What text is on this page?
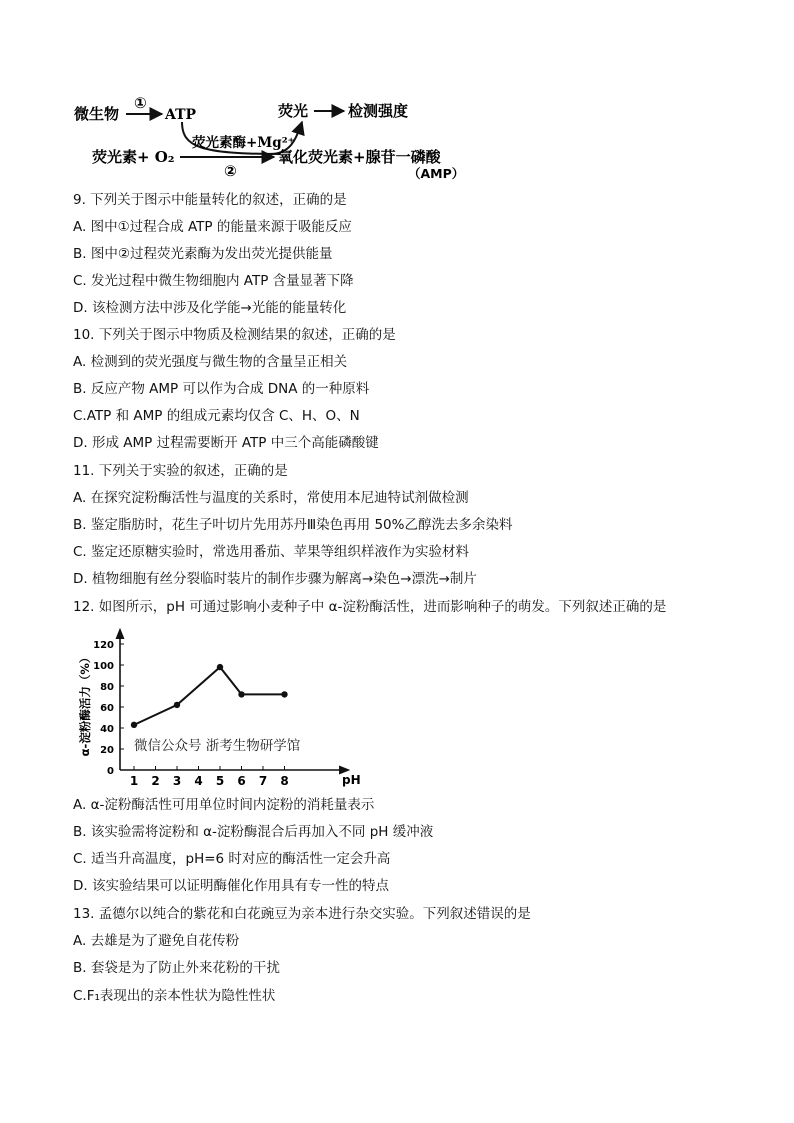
微生物
①
ATP	荧光	检测强度
荧光素酶+Mg²⁺
荧光素+ O₂
②
氧化荧光素+腺苷一磷酸
（AMP）
9. 下列关于图示中能量转化的叙述，正确的是
A. 图中①过程合成 ATP 的能量来源于吸能反应
B. 图中②过程荧光素酶为发出荧光提供能量
C. 发光过程中微生物细胞内 ATP 含量显著下降
D. 该检测方法中涉及化学能→光能的能量转化
10. 下列关于图示中物质及检测结果的叙述，正确的是
A. 检测到的荧光强度与微生物的含量呈正相关
B. 反应产物 AMP 可以作为合成 DNA 的一种原料
C.ATP 和 AMP 的组成元素均仅含 C、H、O、N
D. 形成 AMP 过程需要断开 ATP 中三个高能磷酸键
11. 下列关于实验的叙述，正确的是
A. 在探究淀粉酶活性与温度的关系时，常使用本尼迪特试剂做检测
B. 鉴定脂肪时，花生子叶切片先用苏丹Ⅲ染色再用 50%乙醇洗去多余染料
C. 鉴定还原糖实验时，常选用番茄、苹果等组织样液作为实验材料
D. 植物细胞有丝分裂临时装片的制作步骤为解离→染色→漂洗→制片
12. 如图所示，pH 可通过影响小麦种子中 α-淀粉酶活性，进而影响种子的萌发。下列叙述正确的是
0
20
40
60
80
100
120
1 2 3 4 5 6 7 8	pH
α-淀粉酶活力（%）	微信公众号 浙考生物研学馆
A. α-淀粉酶活性可用单位时间内淀粉的消耗量表示
B. 该实验需将淀粉和 α-淀粉酶混合后再加入不同 pH 缓冲液
C. 适当升高温度，pH=6 时对应的酶活性一定会升高
D. 该实验结果可以证明酶催化作用具有专一性的特点
13. 孟德尔以纯合的紫花和白花豌豆为亲本进行杂交实验。下列叙述错误的是
A. 去雄是为了避免自花传粉
B. 套袋是为了防止外来花粉的干扰
C.F₁表现出的亲本性状为隐性性状
